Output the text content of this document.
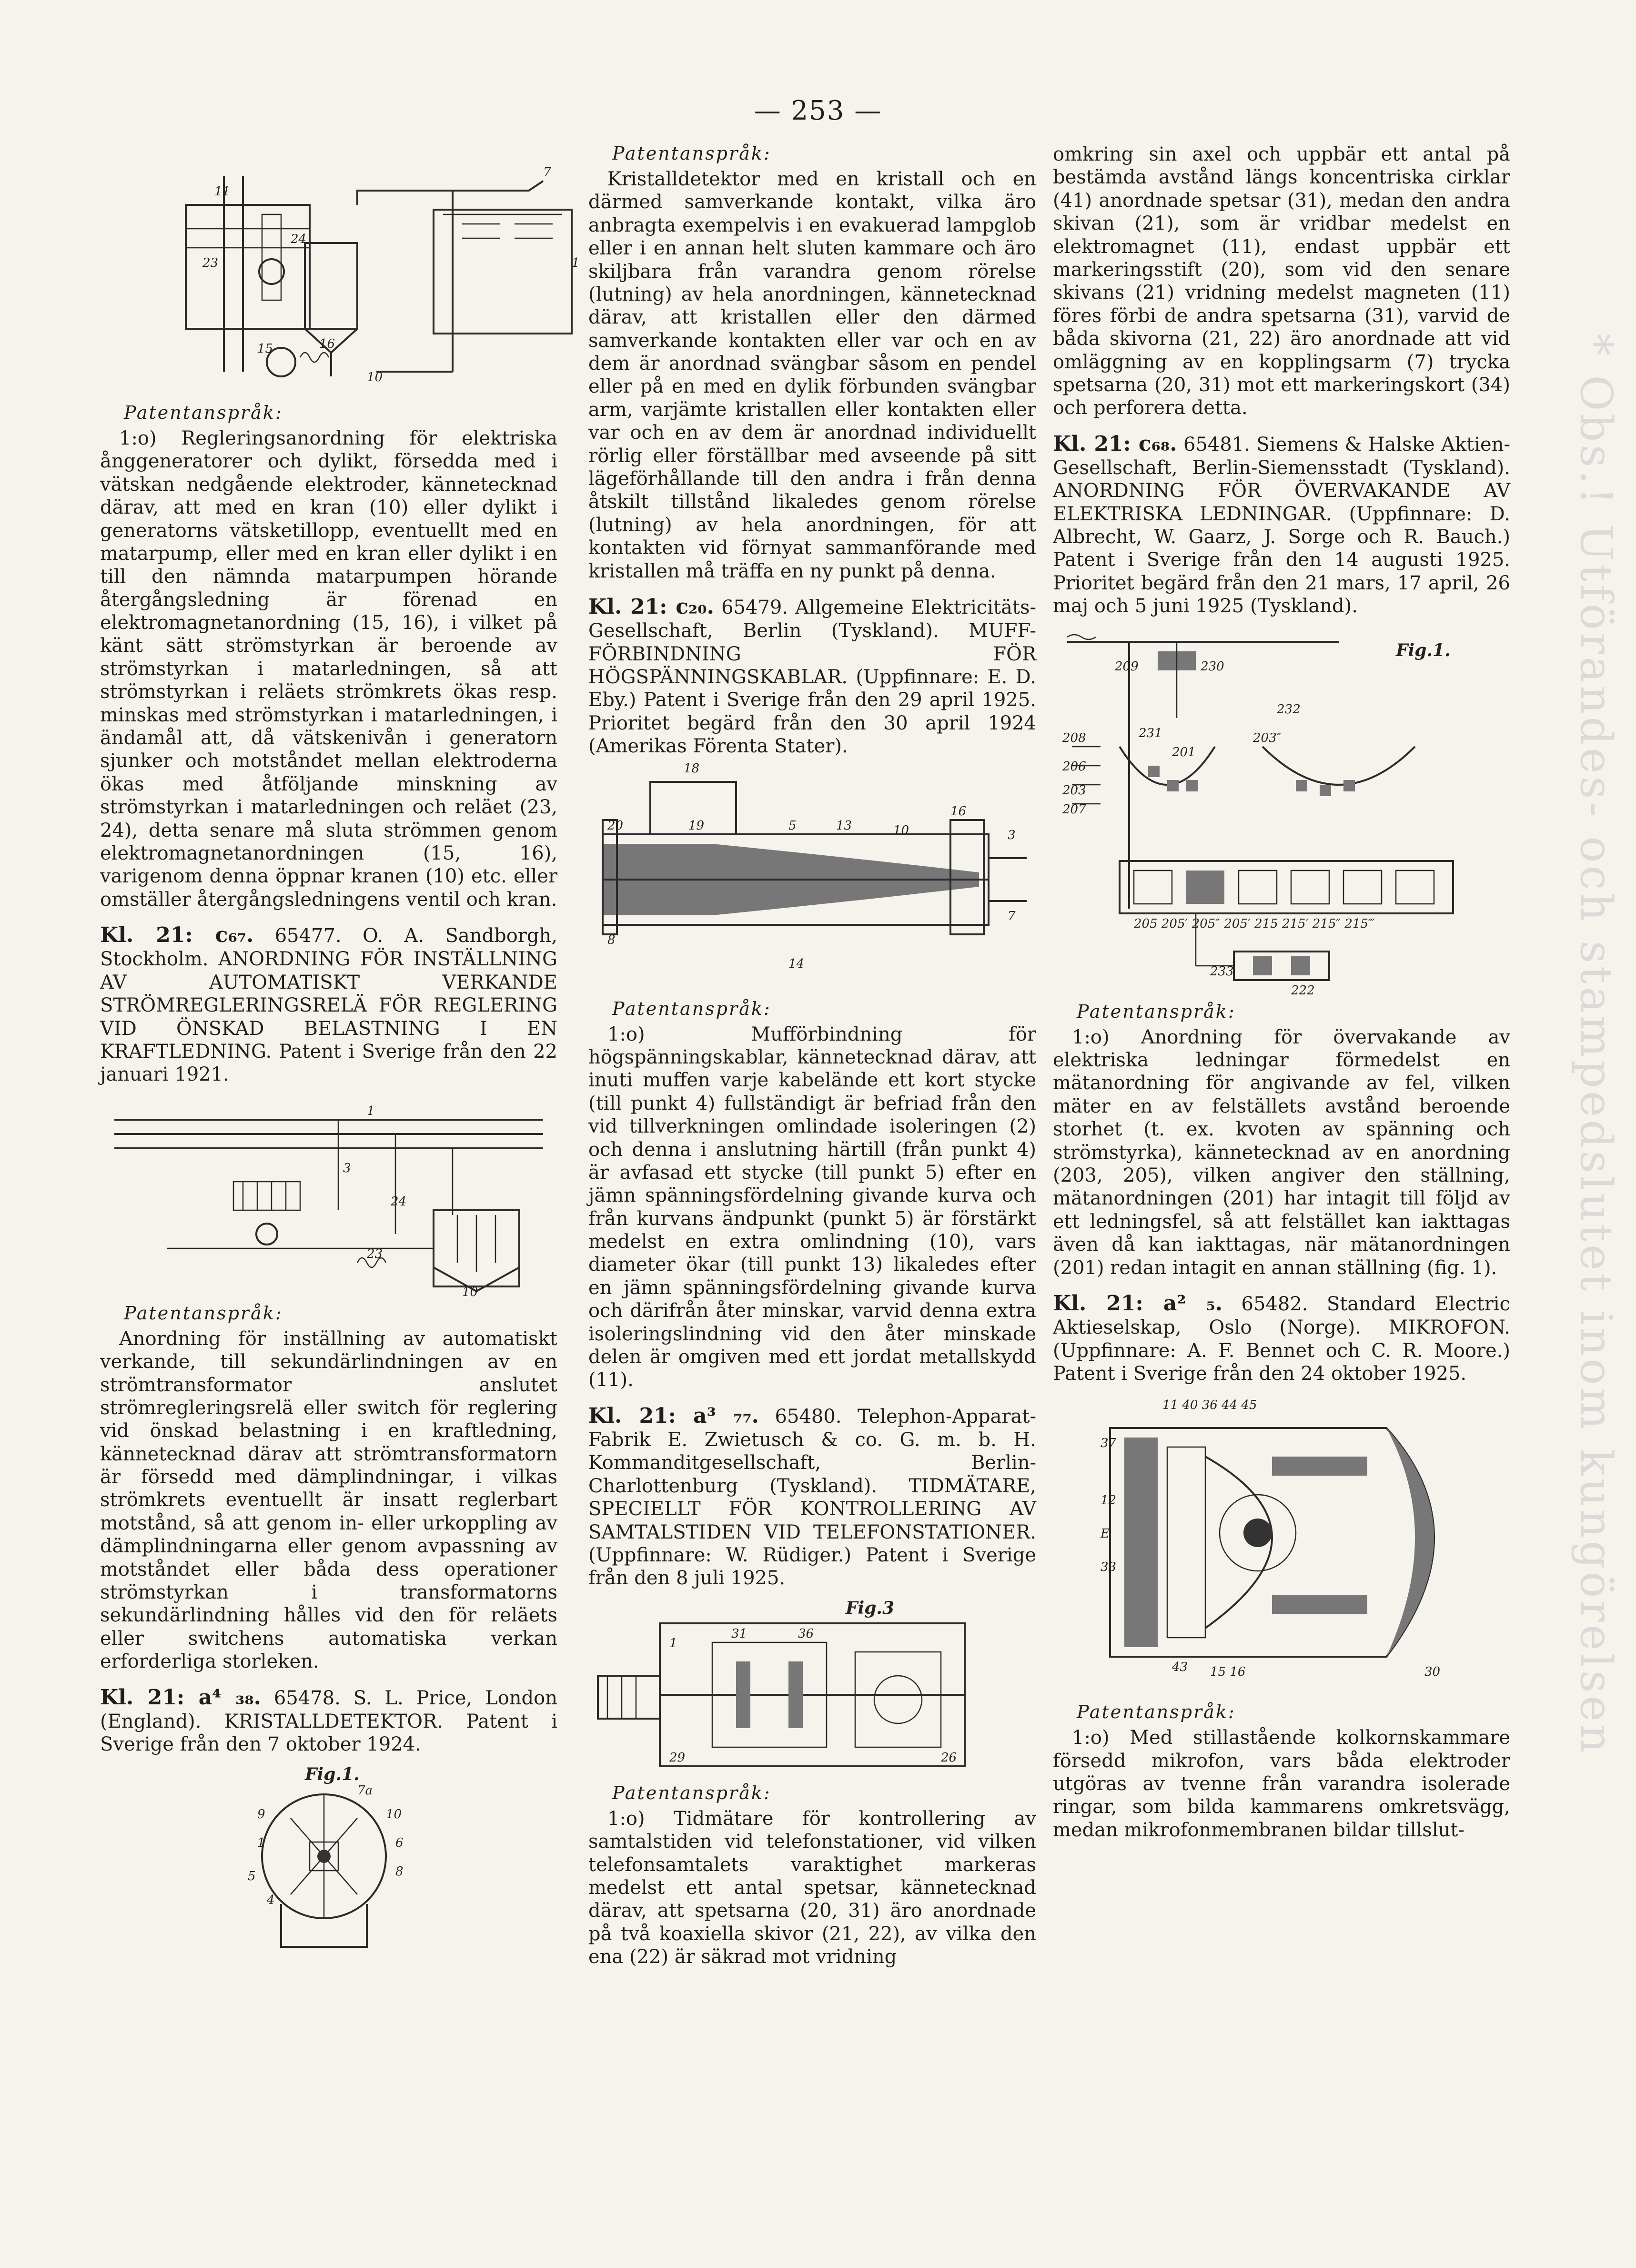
— 253 —
* Obs.! Utförandes- och stampedslutet inom kungörelsen
7
11
23
24
15	16
10
1

Patentanspråk:

1:o) Regleringsanordning för elektriska ånggeneratorer och dylikt, försedda med i vätskan nedgående elektroder, kännetecknad därav, att med en kran (10) eller dylikt i generatorns vätsketillopp, eventuellt med en matarpump, eller med en kran eller dylikt i en till den nämnda matarpumpen hörande återgångsledning är förenad en elektromagnetanordning (15, 16), i vilket på känt sätt strömstyrkan är beroende av strömstyrkan i matarledningen, så att strömstyrkan i reläets strömkrets ökas resp. minskas med strömstyrkan i matarledningen, i ändamål att, då vätskenivån i generatorn sjunker och motståndet mellan elektroderna ökas med åtföljande minskning av strömstyrkan i matarledningen och reläet (23, 24), detta senare må sluta strömmen genom elektromagnetanordningen (15, 16), varigenom denna öppnar kranen (10) etc. eller omställer återgångsledningens ventil och kran.

Kl. 21: c₆₇. 65477. O. A. Sandborgh, Stockholm. ANORDNING FÖR INSTÄLLNING AV AUTOMATISKT VERKANDE STRÖMREGLERINGSRELÄ FÖR REGLERING VID ÖNSKAD BELASTNING I EN KRAFTLEDNING. Patent i Sverige från den 22 januari 1921.

1
3
24
23
10

Patentanspråk:

Anordning för inställning av automatiskt verkande, till sekundärlindningen av en strömtransformator anslutet strömregleringsrelä eller switch för reglering vid önskad belastning i en kraftledning, kännetecknad därav att strömtransformatorn är försedd med dämplindningar, i vilkas strömkrets eventuellt är insatt reglerbart motstånd, så att genom in- eller urkoppling av dämplindningarna eller genom avpassning av motståndet eller båda dess operationer strömstyrkan i transformatorns sekundärlindning hålles vid den för reläets eller switchens automatiska verkan erforderliga storleken.

Kl. 21: a⁴ ₃₈. 65478. S. L. Price, London (England). KRISTALLDETEKTOR. Patent i Sverige från den 7 oktober 1924.

Fig.1.
9
1
5
4
10
6
8
7a

Patentanspråk:

Kristalldetektor med en kristall och en därmed samverkande kontakt, vilka äro anbragta exempelvis i en evakuerad lampglob eller i en annan helt sluten kammare och äro skiljbara från varandra genom rörelse (lutning) av hela anordningen, kännetecknad därav, att kristallen eller den därmed samverkande kontakten eller var och en av dem är anordnad svängbar såsom en pendel eller på en med en dylik förbunden svängbar arm, varjämte kristallen eller kontakten eller var och en av dem är anordnad individuellt rörlig eller förställbar med avseende på sitt lägeförhållande till den andra i från denna åtskilt tillstånd likaledes genom rörelse (lutning) av hela anordningen, för att kontakten vid förnyat sammanförande med kristallen må träffa en ny punkt på denna.

Kl. 21: c₂₀. 65479. Allgemeine Elektricitäts-Gesellschaft, Berlin (Tyskland). MUFF-FÖRBINDNING FÖR HÖGSPÄNNINGSKABLAR. (Uppfinnare: E. D. Eby.) Patent i Sverige från den 29 april 1925. Prioritet begärd från den 30 april 1924 (Amerikas Förenta Stater).

18
20	19	5	13	10
16
3
7
8
14

Patentanspråk:

1:o) Mufförbindning för högspänningskablar, kännetecknad därav, att inuti muffen varje kabelände ett kort stycke (till punkt 4) fullständigt är befriad från den vid tillverkningen omlindade isoleringen (2) och denna i anslutning härtill (från punkt 4) är avfasad ett stycke (till punkt 5) efter en jämn spänningsfördelning givande kurva och från kurvans ändpunkt (punkt 5) är förstärkt medelst en extra omlindning (10), vars diameter ökar (till punkt 13) likaledes efter en jämn spänningsfördelning givande kurva och därifrån åter minskar, varvid denna extra isoleringslindning vid den åter minskade delen är omgiven med ett jordat metallskydd (11).

Kl. 21: a³ ₇₇. 65480. Telephon-Apparat-Fabrik E. Zwietusch & co. G. m. b. H. Kommanditgesellschaft, Berlin-Charlottenburg (Tyskland). TIDMÄTARE, SPECIELLT FÖR KONTROLLERING AV SAMTALSTIDEN VID TELEFONSTATIONER. (Uppfinnare: W. Rüdiger.) Patent i Sverige från den 8 juli 1925.

Fig.3
1
31	36
29	26

Patentanspråk:

1:o) Tidmätare för kontrollering av samtalstiden vid telefonstationer, vid vilken telefonsamtalets varaktighet markeras medelst ett antal spetsar, kännetecknad därav, att spetsarna (20, 31) äro anordnade på två koaxiella skivor (21, 22), av vilka den ena (22) är säkrad mot vridning

omkring sin axel och uppbär ett antal på bestämda avstånd längs koncentriska cirklar (41) anordnade spetsar (31), medan den andra skivan (21), som är vridbar medelst en elektromagnet (11), endast uppbär ett markeringsstift (20), som vid den senare skivans (21) vridning medelst magneten (11) föres förbi de andra spetsarna (31), varvid de båda skivorna (21, 22) äro anordnade att vid omläggning av en kopplingsarm (7) trycka spetsarna (20, 31) mot ett markeringskort (34) och perforera detta.

Kl. 21: c₆₈. 65481. Siemens & Halske Aktien-Gesellschaft, Berlin-Siemensstadt (Tyskland). ANORDNING FÖR ÖVERVAKANDE AV ELEKTRISKA LEDNINGAR. (Uppfinnare: D. Albrecht, W. Gaarz, J. Sorge och R. Bauch.) Patent i Sverige från den 14 augusti 1925. Prioritet begärd från den 21 mars, 17 april, 26 maj och 5 juni 1925 (Tyskland).

Fig.1.
209	230
232
231
201
203″
208
206
203
207
205 205′ 205″ 205′ 215 215′ 215″ 215‴
233
222

Patentanspråk:

1:o) Anordning för övervakande av elektriska ledningar förmedelst en mätanordning för angivande av fel, vilken mäter en av felställets avstånd beroende storhet (t. ex. kvoten av spänning och strömstyrka), kännetecknad av en anordning (203, 205), vilken angiver den ställning, mätanordningen (201) har intagit till följd av ett ledningsfel, så att felstället kan iakttagas även då kan iakttagas, när mätanordningen (201) redan intagit en annan ställning (fig. 1).

Kl. 21: a² ₅. 65482. Standard Electric Aktieselskap, Oslo (Norge). MIKROFON. (Uppfinnare: A. F. Bennet och C. R. Moore.) Patent i Sverige från den 24 oktober 1925.

11 40 36 44 45
37
12
E
33
43 15 16	30

Patentanspråk:

1:o) Med stillastående kolkornskammare försedd mikrofon, vars båda elektroder utgöras av tvenne från varandra isolerade ringar, som bilda kammarens omkretsvägg, medan mikrofonmembranen bildar tillslut-
